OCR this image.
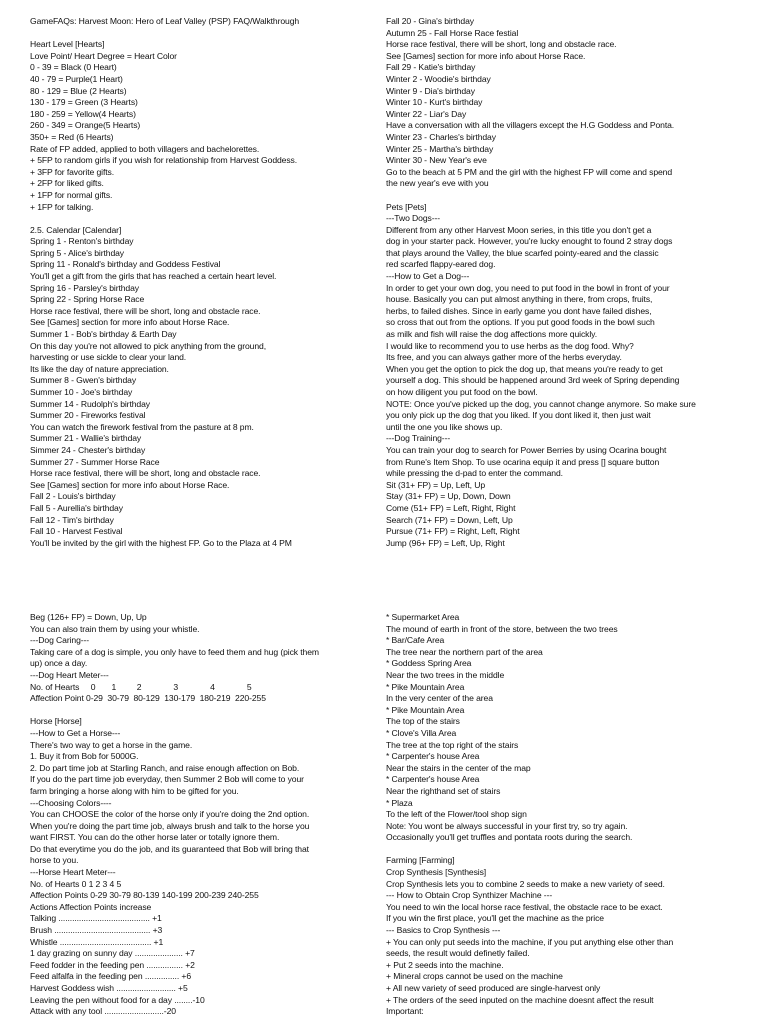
GameFAQs: Harvest Moon: Hero of Leaf Valley (PSP) FAQ/Walkthrough
Heart Level [Hearts]
Love Point/ Heart Degree = Heart Color
0 - 39 = Black (0 Heart)
40 - 79 = Purple(1 Heart)
80 - 129 = Blue (2 Hearts)
130 - 179 = Green (3 Hearts)
180 - 259 = Yellow(4 Hearts)
260 - 349 = Orange(5 Hearts)
350+ = Red (6 Hearts)
Rate of FP added, applied to both villagers and bachelorettes.
+ 5FP to random girls if you wish for relationship from Harvest Goddess.
+ 3FP for favorite gifts.
+ 2FP for liked gifts.
+ 1FP for normal gifts.
+ 1FP for talking.
2.5. Calendar [Calendar]
Spring 1 - Renton's birthday
Spring 5 - Alice's birthday
Spring 11 - Ronald's birthday and Goddess Festival
You'll get a gift from the girls that has reached a certain heart level.
Spring 16 - Parsley's birthday
Spring 22 - Spring Horse Race
Horse race festival, there will be short, long and obstacle race.
See [Games] section for more info about Horse Race.
Summer 1 - Bob's birthday & Earth Day
On this day you're not allowed to pick anything from the ground,
harvesting or use sickle to clear your land.
Its like the day of nature appreciation.
Summer 8 - Gwen's birthday
Summer 10 - Joe's birthday
Summer 14 - Rudolph's birthday
Summer 20 - Fireworks festival
You can watch the firework festival from the pasture at 8 pm.
Summer 21 - Wallie's birthday
Simmer 24 - Chester's birthday
Summer 27 - Summer Horse Race
Horse race festival, there will be short, long and obstacle race.
See [Games] section for more info about Horse Race.
Fall 2 - Louis's birthday
Fall 5 - Aurellia's birthday
Fall 12 - Tim's birthday
Fall 10 - Harvest Festival
You'll be invited by the girl with the highest FP. Go to the Plaza at 4 PM
Fall 20 - Gina's birthday
Autumn 25 - Fall Horse Race festial
Horse race festival, there will be short, long and obstacle race.
See [Games] section for more info about Horse Race.
Fall 29 - Katie's birthday
Winter 2 - Woodie's birthday
Winter 9 - Dia's birthday
Winter 10 - Kurt's birthday
Winter 22 - Liar's Day
Have a conversation with all the villagers except the H.G Goddess and Ponta.
Winter 23 - Charles's birthday
Winter 25 - Martha's birthday
Winter 30 - New Year's eve
Go to the beach at 5 PM and the girl with the highest FP will come and spend
the new year's eve with you
Pets [Pets]
---Two Dogs---
Different from any other Harvest Moon series, in this title you don't get a
dog in your starter pack. However, you're lucky enought to found 2 stray dogs
that plays around the Valley, the blue scarfed pointy-eared and the classic
red scarfed flappy-eared dog.
---How to Get a Dog---
In order to get your own dog, you need to put food in the bowl in front of your
house. Basically you can put almost anything in there, from crops, fruits,
herbs, to failed dishes. Since in early game you dont have failed dishes,
so cross that out from the options. If you put good foods in the bowl such
as milk and fish will raise the dog affections more quickly.
I would like to recommend you to use herbs as the dog food. Why?
Its free, and you can always gather more of the herbs everyday.
When you get the option to pick the dog up, that means you're ready to get
yourself a dog. This should be happened around 3rd week of Spring depending
on how diligent you put food on the bowl.
NOTE: Once you've picked up the dog, you cannot change anymore. So make sure
you only pick up the dog that you liked. If you dont liked it, then just wait
until the one you like shows up.
---Dog Training---
You can train your dog to search for Power Berries by using Ocarina bought
from Rune's Item Shop. To use ocarina equip it and press [] square button
while pressing the d-pad to enter the command.
Sit (31+ FP) = Up, Left, Up
Stay (31+ FP) = Up, Down, Down
Come (51+ FP) = Left, Right, Right
Search (71+ FP) = Down, Left, Up
Pursue (71+ FP) = Right, Left, Right
Jump (96+ FP) = Left, Up, Right
Beg (126+ FP) = Down, Up, Up
You can also train them by using your whistle.
---Dog Caring---
Taking care of a dog is simple, you only have to feed them and hug (pick them
up) once a day.
---Dog Heart Meter---
No. of Hearts     0       1         2              3              4              5
Affection Point 0-29  30-79  80-129  130-179  180-219  220-255
Horse [Horse]
---How to Get a Horse---
There's two way to get a horse in the game.
1. Buy it from Bob for 5000G.
2. Do part time job at Starling Ranch, and raise enough affection on Bob.
If you do the part time job everyday, then Summer 2 Bob will come to your
farm bringing a horse along with him to be gifted for you.
---Choosing Colors----
You can CHOOSE the color of the horse only if you're doing the 2nd option.
When you're doing the part time job, always brush and talk to the horse you
want FIRST. You can do the other horse later or totally ignore them.
Do that everytime you do the job, and its guaranteed that Bob will bring that
horse to you.
---Horse Heart Meter---
No. of Hearts 0 1 2 3 4 5
Affection Points 0-29 30-79 80-139 140-199 200-239 240-255
Actions Affection Points increase
Talking ........................................ +1
Brush .......................................... +3
Whistle ........................................ +1
1 day grazing on sunny day ..................... +7
Feed fodder in the feeding pen ................ +2
Feed alfalfa in the feeding pen ............... +6
Harvest Goddess wish .......................... +5
Leaving the pen without food for a day ........-10
Attack with any tool ..........................-20
* Supermarket Area
The mound of earth in front of the store, between the two trees
* Bar/Cafe Area
The tree near the northern part of the area
* Goddess Spring Area
Near the two trees in the middle
* Pike Mountain Area
In the very center of the area
* Pike Mountain Area
The top of the stairs
* Clove's Villa Area
The tree at the top right of the stairs
* Carpenter's house Area
Near the stairs in the center of the map
* Carpenter's house Area
Near the righthand set of stairs
* Plaza
To the left of the Flower/tool shop sign
Note: You wont be always successful in your first try, so try again.
Occasionally you'll get truffles and pontata roots during the search.
Farming [Farming]
Crop Synthesis [Synthesis]
Crop Synthesis lets you to combine 2 seeds to make a new variety of seed.
--- How to Obtain Crop Synthizer Machine ---
You need to win the local horse race festival, the obstacle race to be exact.
If you win the first place, you'll get the machine as the price
--- Basics to Crop Synthesis ---
+ You can only put seeds into the machine, if you put anything else other than
seeds, the result would definetly failed.
+ Put 2 seeds into the machine.
+ Mineral crops cannot be used on the machine
+ All new variety of seed produced are single-harvest only
+ The orders of the seed inputed on the machine doesnt affect the result
Important:
